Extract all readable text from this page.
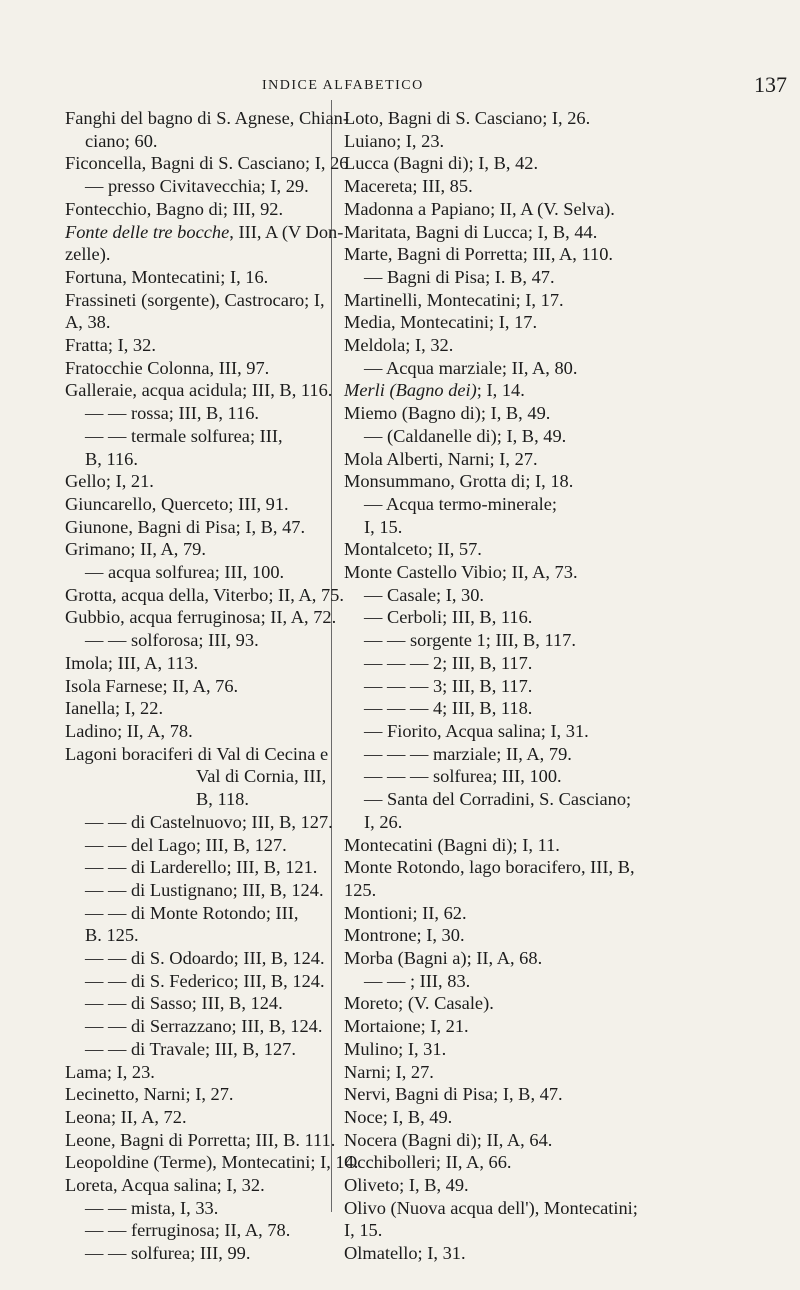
INDICE ALFABETICO	137
Fanghi del bagno di S. Agnese, Chian-
ciano; 60.
Ficoncella, Bagni di S. Casciano; I, 26
— presso Civitavecchia; I, 29.
Fontecchio, Bagno di; III, 92.
Fonte delle tre bocche, III, A (V Don-
zelle).
Fortuna, Montecatini; I, 16.
Frassineti (sorgente), Castrocaro; I,
A, 38.
Fratta; I, 32.
Fratocchie Colonna, III, 97.
Galleraie, acqua acidula; III, B, 116.
— — rossa; III, B, 116.
— — termale solfurea; III,
B, 116.
Gello; I, 21.
Giuncarello, Querceto; III, 91.
Giunone, Bagni di Pisa; I, B, 47.
Grimano; II, A, 79.
— acqua solfurea; III, 100.
Grotta, acqua della, Viterbo; II, A, 75.
Gubbio, acqua ferruginosa; II, A, 72.
— — solforosa; III, 93.
Imola; III, A, 113.
Isola Farnese; II, A, 76.
Ianella; I, 22.
Ladino; II, A, 78.
Lagoni boraciferi di Val di Cecina e
Val di Cornia, III,
B, 118.
— — di Castelnuovo; III, B, 127.
— — del Lago; III, B, 127.
— — di Larderello; III, B, 121.
— — di Lustignano; III, B, 124.
— — di Monte Rotondo; III,
B. 125.
— — di S. Odoardo; III, B, 124.
— — di S. Federico; III, B, 124.
— — di Sasso; III, B, 124.
— — di Serrazzano; III, B, 124.
— — di Travale; III, B, 127.
Lama; I, 23.
Lecinetto, Narni; I, 27.
Leona; II, A, 72.
Leone, Bagni di Porretta; III, B. 111.
Leopoldine (Terme), Montecatini; I, 14.
Loreta, Acqua salina; I, 32.
— — mista, I, 33.
— — ferruginosa; II, A, 78.
— — solfurea; III, 99.
Loto, Bagni di S. Casciano; I, 26.
Luiano; I, 23.
Lucca (Bagni di); I, B, 42.
Macereta; III, 85.
Madonna a Papiano; II, A (V. Selva).
Maritata, Bagni di Lucca; I, B, 44.
Marte, Bagni di Porretta; III, A, 110.
— Bagni di Pisa; I. B, 47.
Martinelli, Montecatini; I, 17.
Media, Montecatini; I, 17.
Meldola; I, 32.
— Acqua marziale; II, A, 80.
Merli (Bagno dei); I, 14.
Miemo (Bagno di); I, B, 49.
— (Caldanelle di); I, B, 49.
Mola Alberti, Narni; I, 27.
Monsummano, Grotta di; I, 18.
— Acqua termo-minerale;
I, 15.
Montalceto; II, 57.
Monte Castello Vibio; II, A, 73.
— Casale; I, 30.
— Cerboli; III, B, 116.
— — sorgente 1; III, B, 117.
— — — 2; III, B, 117.
— — — 3; III, B, 117.
— — — 4; III, B, 118.
— Fiorito, Acqua salina; I, 31.
— — — marziale; II, A, 79.
— — — solfurea; III, 100.
— Santa del Corradini, S. Casciano;
I, 26.
Montecatini (Bagni di); I, 11.
Monte Rotondo, lago boracifero, III, B,
125.
Montioni; II, 62.
Montrone; I, 30.
Morba (Bagni a); II, A, 68.
— — ; III, 83.
Moreto; (V. Casale).
Mortaione; I, 21.
Mulino; I, 31.
Narni; I, 27.
Nervi, Bagni di Pisa; I, B, 47.
Noce; I, B, 49.
Nocera (Bagni di); II, A, 64.
Occhibolleri; II, A, 66.
Oliveto; I, B, 49.
Olivo (Nuova acqua dell'), Montecatini;
I, 15.
Olmatello; I, 31.
